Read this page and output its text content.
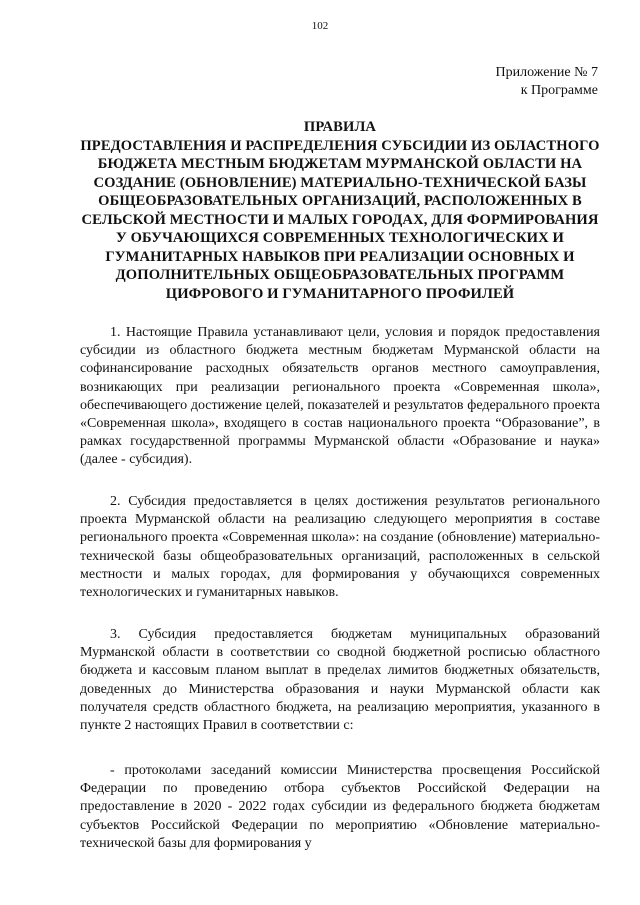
102
Приложение № 7
к Программе
ПРАВИЛА
ПРЕДОСТАВЛЕНИЯ И РАСПРЕДЕЛЕНИЯ СУБСИДИИ ИЗ ОБЛАСТНОГО БЮДЖЕТА МЕСТНЫМ БЮДЖЕТАМ МУРМАНСКОЙ ОБЛАСТИ НА СОЗДАНИЕ (ОБНОВЛЕНИЕ) МАТЕРИАЛЬНО-ТЕХНИЧЕСКОЙ БАЗЫ ОБЩЕОБРАЗОВАТЕЛЬНЫХ ОРГАНИЗАЦИЙ, РАСПОЛОЖЕННЫХ В СЕЛЬСКОЙ МЕСТНОСТИ И МАЛЫХ ГОРОДАХ, ДЛЯ ФОРМИРОВАНИЯ У ОБУЧАЮЩИХСЯ СОВРЕМЕННЫХ ТЕХНОЛОГИЧЕСКИХ И ГУМАНИТАРНЫХ НАВЫКОВ ПРИ РЕАЛИЗАЦИИ ОСНОВНЫХ И ДОПОЛНИТЕЛЬНЫХ ОБЩЕОБРАЗОВАТЕЛЬНЫХ ПРОГРАММ ЦИФРОВОГО И ГУМАНИТАРНОГО ПРОФИЛЕЙ

1. Настоящие Правила устанавливают цели, условия и порядок предоставления субсидии из областного бюджета местным бюджетам Мурманской области на софинансирование расходных обязательств органов местного самоуправления, возникающих при реализации регионального проекта «Современная школа», обеспечивающего достижение целей, показателей и результатов федерального проекта «Современная школа», входящего в состав национального проекта “Образование”, в рамках государственной программы Мурманской области «Образование и наука» (далее - субсидия).

2. Субсидия предоставляется в целях достижения результатов регионального проекта Мурманской области на реализацию следующего мероприятия в составе регионального проекта «Современная школа»: на создание (обновление) материально-технической базы общеобразовательных организаций, расположенных в сельской местности и малых городах, для формирования у обучающихся современных технологических и гуманитарных навыков.

3. Субсидия предоставляется бюджетам муниципальных образований Мурманской области в соответствии со сводной бюджетной росписью областного бюджета и кассовым планом выплат в пределах лимитов бюджетных обязательств, доведенных до Министерства образования и науки Мурманской области как получателя средств областного бюджета, на реализацию мероприятия, указанного в пункте 2 настоящих Правил в соответствии с:

- протоколами заседаний комиссии Министерства просвещения Российской Федерации по проведению отбора субъектов Российской Федерации на предоставление в 2020 - 2022 годах субсидии из федерального бюджета бюджетам субъектов Российской Федерации по мероприятию «Обновление материально-технической базы для формирования у
